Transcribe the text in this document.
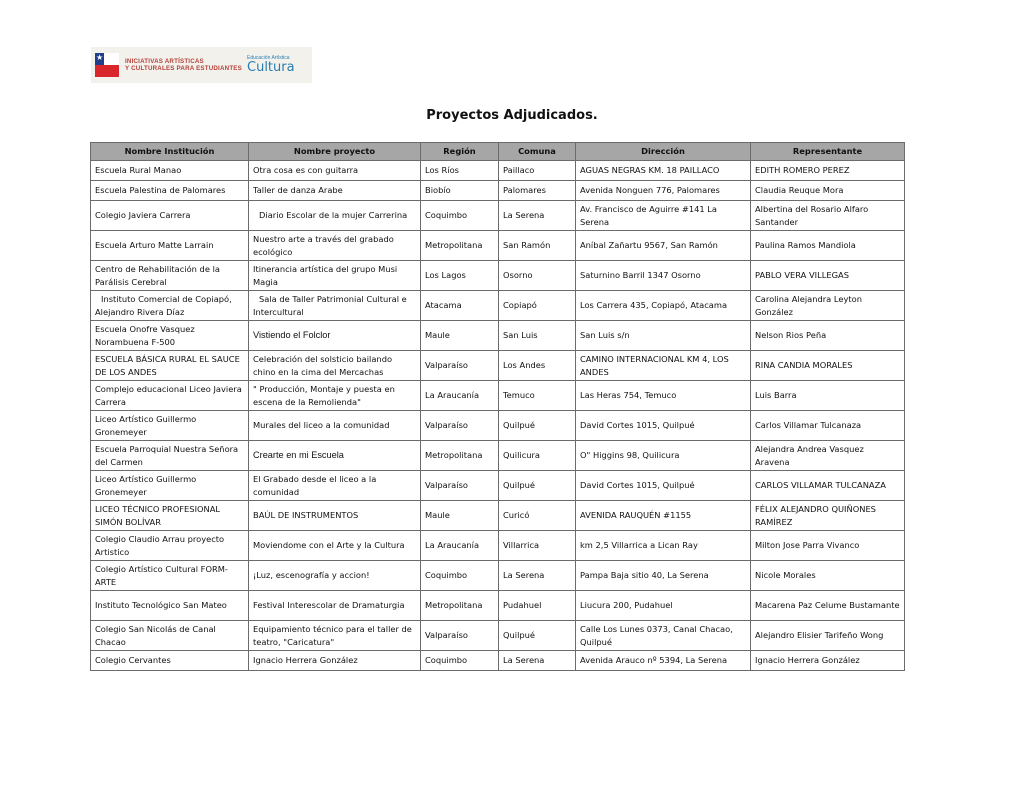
★	INICIATIVAS ARTÍSTICAS
Y CULTURALES PARA ESTUDIANTES
Educación Artística
Cultura
Proyectos Adjudicados.
Nombre Institución	Nombre proyecto	Región	Comuna	Dirección	Representante
Escuela Rural Manao	Otra cosa es con guitarra	Los Ríos	Paillaco	AGUAS NEGRAS KM. 18 PAILLACO	EDITH ROMERO PEREZ
Escuela Palestina de Palomares	Taller de danza Arabe	Biobío	Palomares	Avenida Nonguen 776, Palomares	Claudia Reuque Mora
Colegio Javiera Carrera	Diario Escolar de la mujer Carrerina	Coquimbo	La Serena	Av. Francisco de Aguirre #141 La Serena	Albertina del Rosario Alfaro Santander
Escuela Arturo Matte Larrain	Nuestro arte a través del grabado ecológico	Metropolitana	San Ramón	Aníbal Zañartu 9567, San Ramón	Paulina Ramos Mandiola
Centro de Rehabilitación de la Parálisis Cerebral	Itinerancia artística del grupo Musi Magia	Los Lagos	Osorno	Saturnino Barril 1347 Osorno	PABLO VERA VILLEGAS
Instituto Comercial de Copiapó, Alejandro Rivera Díaz	Sala de Taller Patrimonial Cultural e Intercultural	Atacama	Copiapó	Los Carrera 435, Copiapó, Atacama	Carolina Alejandra Leyton González
Escuela Onofre Vasquez Norambuena F-500	Vistiendo el Folclor	Maule	San Luis	San Luis s/n	Nelson Rios Peña
ESCUELA BÁSICA RURAL EL SAUCE DE LOS ANDES	Celebración del solsticio bailando chino en la cima del Mercachas	Valparaíso	Los Andes	CAMINO INTERNACIONAL KM 4, LOS ANDES	RINA CANDIA MORALES
Complejo educacional Liceo Javiera Carrera	" Producción, Montaje y puesta en escena de la Remolienda"	La Araucanía	Temuco	Las Heras 754, Temuco	Luis Barra
Liceo Artístico Guillermo Gronemeyer	Murales del liceo a la comunidad	Valparaíso	Quilpué	David Cortes 1015, Quilpué	Carlos Villamar Tulcanaza
Escuela Parroquial Nuestra Señora del Carmen	Crearte en mi Escuela	Metropolitana	Quilicura	O" Higgins 98, Quilicura	Alejandra Andrea Vasquez Aravena
Liceo Artístico Guillermo Gronemeyer	El Grabado desde el liceo a la comunidad	Valparaíso	Quilpué	David Cortes 1015, Quilpué	CARLOS VILLAMAR TULCANAZA
LICEO TÉCNICO PROFESIONAL SIMÓN BOLÍVAR	BAÚL DE INSTRUMENTOS	Maule	Curicó	AVENIDA RAUQUÉN #1155	FÉLIX ALEJANDRO QUIÑONES RAMÍREZ
Colegio Claudio Arrau proyecto Artistico	Moviendome con el Arte y la Cultura	La Araucanía	Villarrica	km 2,5 Villarrica a Lican Ray	Milton Jose Parra Vivanco
Colegio Artístico Cultural FORM-ARTE	¡Luz, escenografía y accion!	Coquimbo	La Serena	Pampa Baja sitio 40, La Serena	Nicole Morales
Instituto Tecnológico San Mateo	Festival Interescolar de Dramaturgia	Metropolitana	Pudahuel	Liucura 200, Pudahuel	Macarena Paz Celume Bustamante
Colegio San Nicolás de Canal Chacao	Equipamiento técnico para el taller de teatro, "Caricatura"	Valparaíso	Quilpué	Calle Los Lunes 0373, Canal Chacao, Quilpué	Alejandro Elisier Tarifeño Wong
Colegio Cervantes	Ignacio Herrera González	Coquimbo	La Serena	Avenida Arauco nº 5394, La Serena	Ignacio Herrera González
